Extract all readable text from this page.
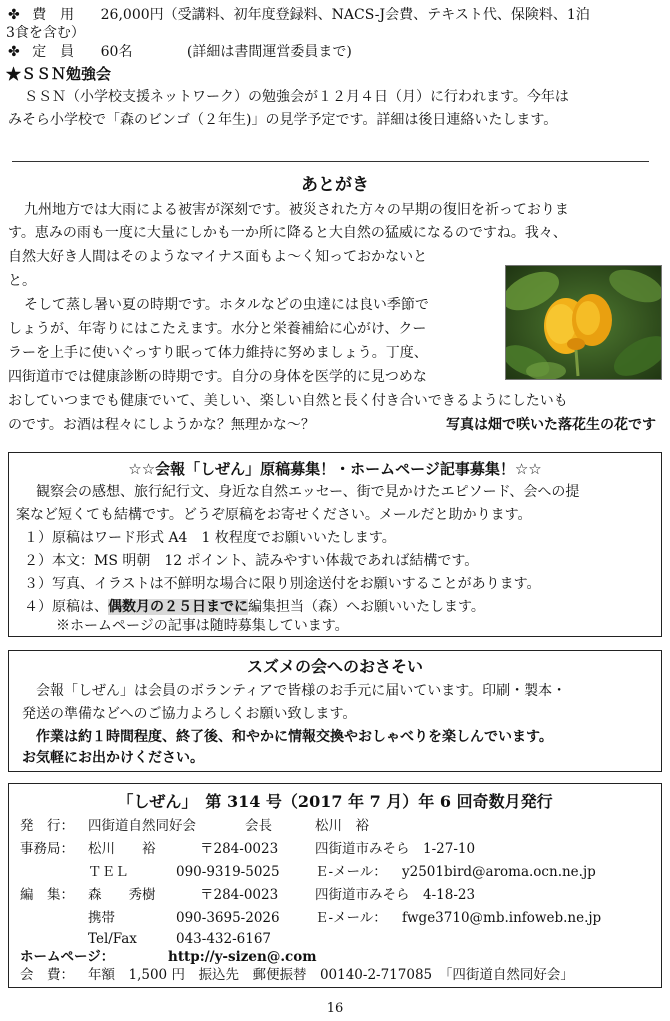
✤ 費　用 26,000円（受講料、初年度登録料、NACS-J会費、テキスト代、保険料、1泊
3食を含む）
✤ 定　員 60名	(詳細は書間運営委員まで)
★ＳＳＮ勉強会
ＳＳＮ（小学校支援ネットワーク）の勉強会が１２月４日（月）に行われます。今年は
みそら小学校で「森のビンゴ（２年生)」の見学予定です。詳細は後日連絡いたします。
あとがき
九州地方では大雨による被害が深刻です。被災された方々の早期の復旧を祈っておりま
す。恵みの雨も一度に大量にしかも一か所に降ると大自然の猛威になるのですね。我々、
自然大好き人間はそのようなマイナス面もよ〜く知っておかないと
と。
そして蒸し暑い夏の時期です。ホタルなどの虫達には良い季節で
しょうが、年寄りにはこたえます。水分と栄養補給に心がけ、クー
ラーを上手に使いぐっすり眠って体力維持に努めましょう。丁度、
四街道市では健康診断の時期です。自分の身体を医学的に見つめな
おしていつまでも健康でいて、美しい、楽しい自然と長く付き合いできるようにしたいも
のです。お酒は程々にしようかな？無理かな〜？	写真は畑で咲いた落花生の花です
☆☆会報「しぜん」原稿募集！・ホームページ記事募集！☆☆
観察会の感想、旅行紀行文、身近な自然エッセー、街で見かけたエピソード、会への提
案など短くても結構です。どうぞ原稿をお寄せください。メールだと助かります。
１）原稿はワード形式 A4　1 枚程度でお願いいたします。
２）本文：MS 明朝　12 ポイント、読みやすい体裁であれば結構です。
３）写真、イラストは不鮮明な場合に限り別途送付をお願いすることがあります。
４）原稿は、偶数月の２５日までに編集担当（森）へお願いいたします。
※ホームページの記事は随時募集しています。
スズメの会へのおさそい
会報「しぜん」は会員のボランティアで皆様のお手元に届いています。印刷・製本・
発送の準備などへのご協力よろしくお願い致します。
作業は約１時間程度、終了後、和やかに情報交換やおしゃべりを楽しんでいます。
お気軽にお出かけください。
「しぜん」　第 314 号（2017 年 7 月）年 6 回奇数月発行
発　行： 四街道自然同好会	会長	松川　裕
事務局： 松川　　裕	〒284-0023	四街道市みそら　1-27-10
ＴＥＬ	090-9319-5025	Ｅ-メール： y2501bird@aroma.ocn.ne.jp
編　集： 森　　秀樹	〒284-0023	四街道市みそら　4-18-23
携帯	090-3695-2026	Ｅ-メール： fwge3710@mb.infoweb.ne.jp
Tel/Fax	043-432-6167
ホームページ：	http://y-sizen@.com
会　費： 年額　1,500 円　振込先　郵便振替　00140-2-717085　「四街道自然同好会」
16
